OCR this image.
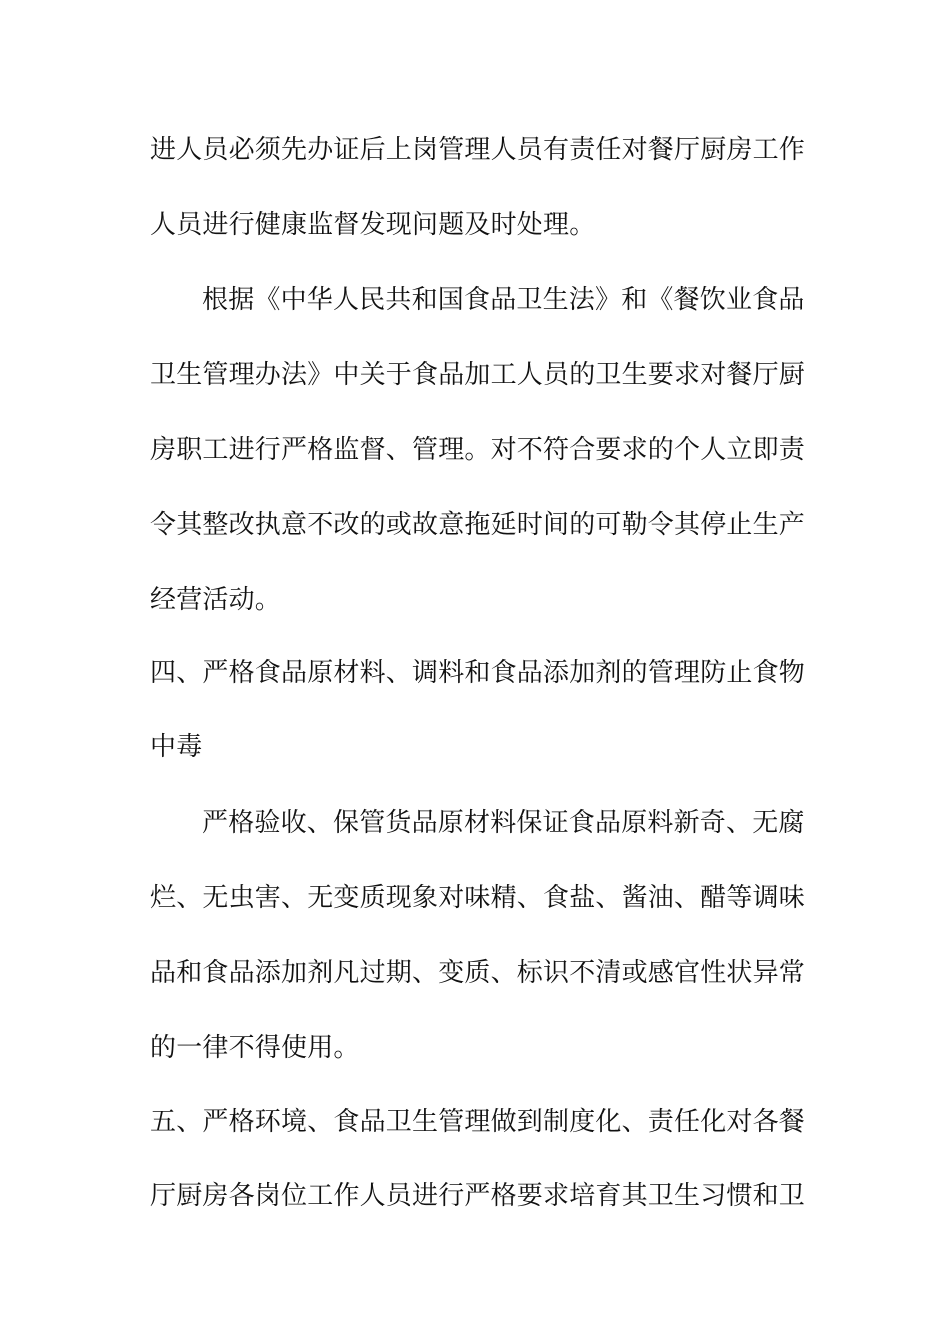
进人员必须先办证后上岗管理人员有责任对餐厅厨房工作
人员进行健康监督发现问题及时处理。
根据《中华人民共和国食品卫生法》和《餐饮业食品
卫生管理办法》中关于食品加工人员的卫生要求对餐厅厨
房职工进行严格监督、管理。对不符合要求的个人立即责
令其整改执意不改的或故意拖延时间的可勒令其停止生产
经营活动。
四、严格食品原材料、调料和食品添加剂的管理防止食物
中毒
严格验收、保管货品原材料保证食品原料新奇、无腐
烂、无虫害、无变质现象对味精、食盐、酱油、醋等调味
品和食品添加剂凡过期、变质、标识不清或感官性状异常
的一律不得使用。
五、严格环境、食品卫生管理做到制度化、责任化对各餐
厅厨房各岗位工作人员进行严格要求培育其卫生习惯和卫
